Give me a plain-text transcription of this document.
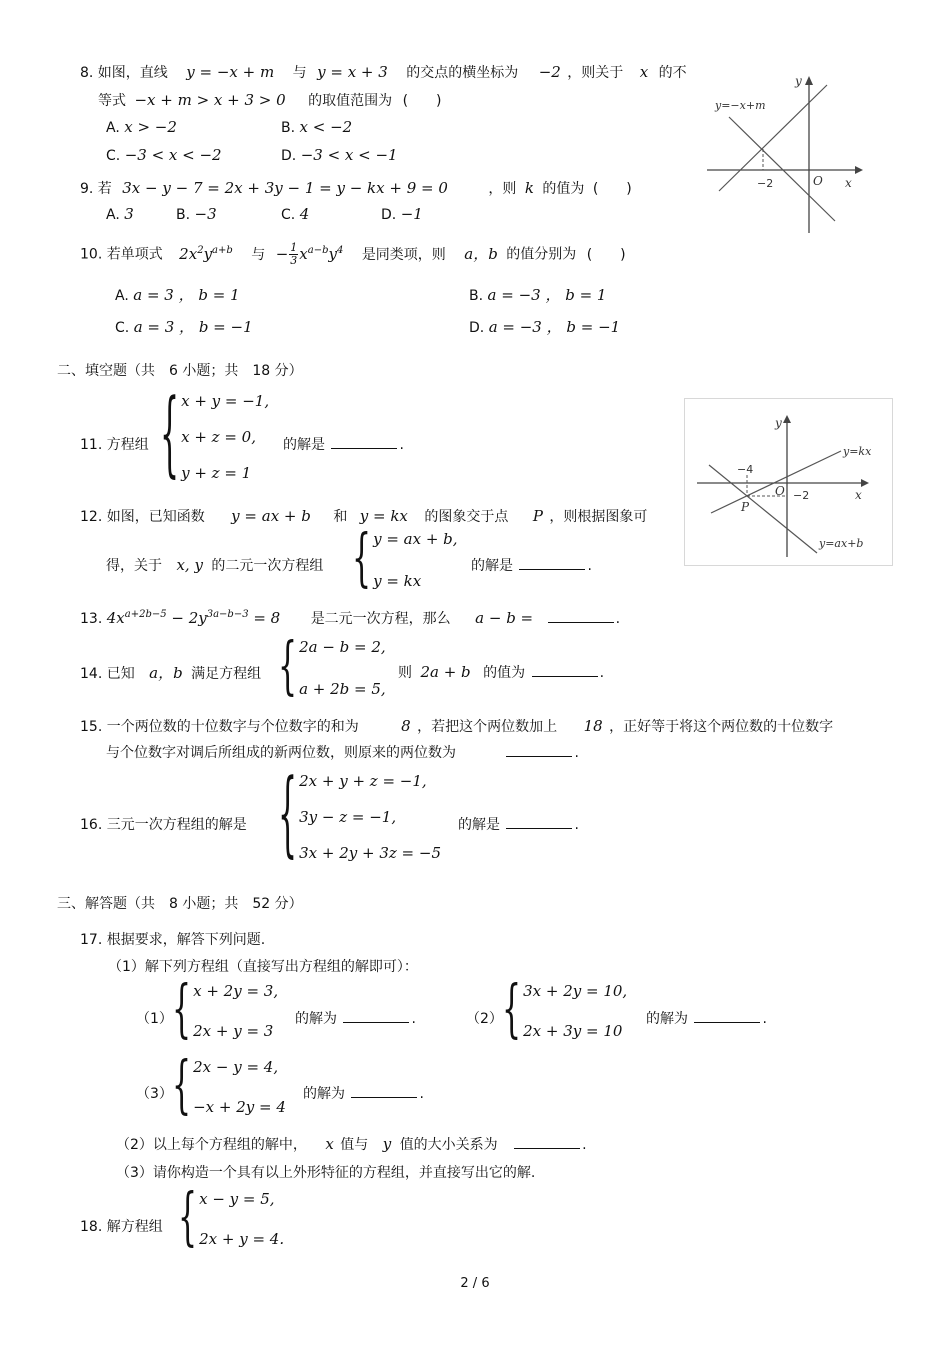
8. 如图，直线 y = −x + m 与 y = x + 3 的交点的横坐标为 −2 ，则关于 x 的不
等式 −x + m > x + 3 > 0 的取值范围为 (　　)
A. x > −2	B. x < −2
C. −3 < x < −2	D. −3 < x < −1
y
x
O
−2
y=−x+m
9. 若 3x − y − 7 = 2x + 3y − 1 = y − kx + 9 = 0	，则 k 的值为 (　　)
A. 3	B. −3	C. 4	D. −1
10. 若单项式 $2x^2y^{a+b}$ 与 − $\frac{1}{3} x^{a-b}y^4$ 是同类项，则 a，b 的值分别为 (　　)
A. a = 3 ， b = 1	B. a = −3 ， b = 1
C. a = 3 ， b = −1	D. a = −3 ， b = −1
二、填空题（共　6 小题；共　18 分）
11. 方程组 { x + y = −1,
x + z = 0,
y + z = 1
的解是	.
y
x
O
−4
−2
P
y=kx
y=ax+b
12. 如图，已知函数 y = ax + b 和 y = kx 的图象交于点 P ，则根据图象可
得，关于 x, y 的二元一次方程组 { y = ax + b,
y = kx
的解是	.
13. $4x^{a+2b-5} - 2y^{3a-b-3} = 8$ 是二元一次方程，那么 a − b =	.
14. 已知 a，b 满足方程组 { 2a − b = 2,
a + 2b = 5,
则 2a + b 的值为	.
15. 一个两位数的十位数字与个位数字的和为	8 ，若把这个两位数加上 18 ，正好等于将这个两位数的十位数字
与个位数字对调后所组成的新两位数，则原来的两位数为	.
16. 三元一次方程组的解是 { 2x + y + z = −1,
3y − z = −1,
3x + 2y + 3z = −5
的解是	.
三、解答题（共　8 小题；共　52 分）
17. 根据要求，解答下列问题.
（1）解下列方程组（直接写出方程组的解即可）：
（1） { x + 2y = 3,
2x + y = 3
的解为	.	（2） { 3x + 2y = 10,
2x + 3y = 10
的解为	.
（3） { 2x − y = 4,
−x + 2y = 4
的解为	.
（2）以上每个方程组的解中， x 值与 y 值的大小关系为	.
（3）请你构造一个具有以上外形特征的方程组，并直接写出它的解.
18. 解方程组 { x − y = 5,
2x + y = 4.
2 / 6
